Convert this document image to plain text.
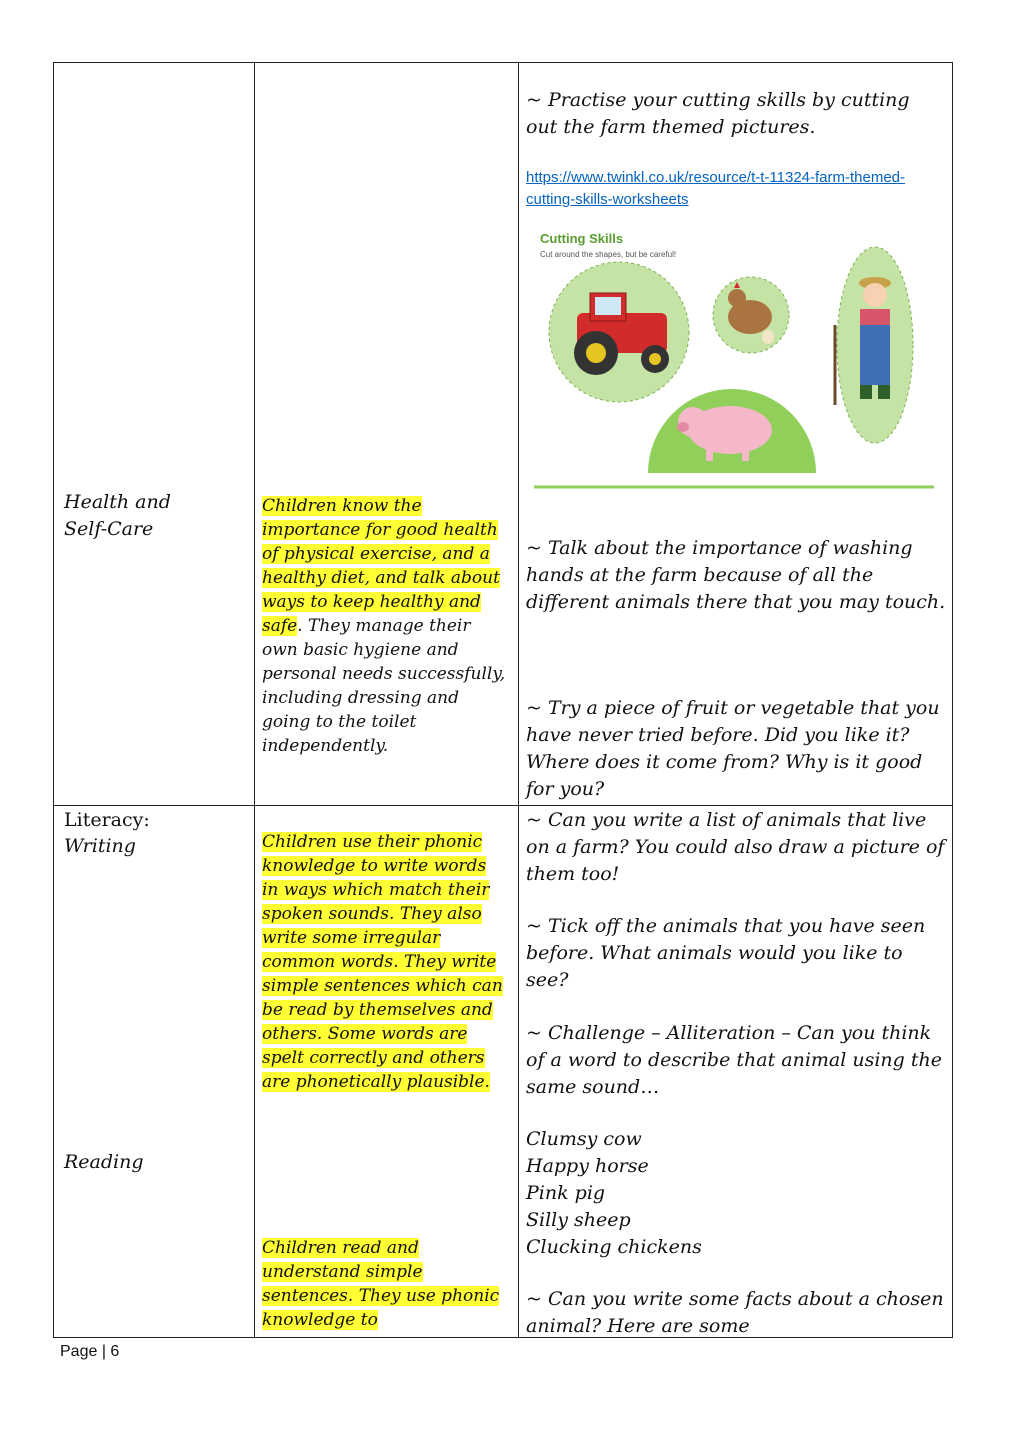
Health and
Self-Care
Literacy:
Writing
Reading
Children know the importance for good health of physical exercise, and a healthy diet, and talk about ways to keep healthy and safe. They manage their own basic hygiene and personal needs successfully, including dressing and going to the toilet independently.
Children use their phonic knowledge to write words in ways which match their spoken sounds. They also write some irregular common words. They write simple sentences which can be read by themselves and others. Some words are spelt correctly and others are phonetically plausible.
Children read and understand simple sentences. They use phonic knowledge to
~ Practise your cutting skills by cutting out the farm themed pictures.
https://www.twinkl.co.uk/resource/t-t-11324-farm-themed-cutting-skills-worksheets
Cutting Skills
Cut around the shapes, but be careful!
~ Talk about the importance of washing hands at the farm because of all the different animals there that you may touch.
~ Try a piece of fruit or vegetable that you have never tried before. Did you like it? Where does it come from? Why is it good for you?
~ Can you write a list of animals that live on a farm? You could also draw a picture of them too!
~ Tick off the animals that you have seen before. What animals would you like to see?
~ Challenge – Alliteration – Can you think of a word to describe that animal using the same sound…
Clumsy cow
Happy horse
Pink pig
Silly sheep
Clucking chickens
~ Can you write some facts about a chosen animal? Here are some
Page | 6
